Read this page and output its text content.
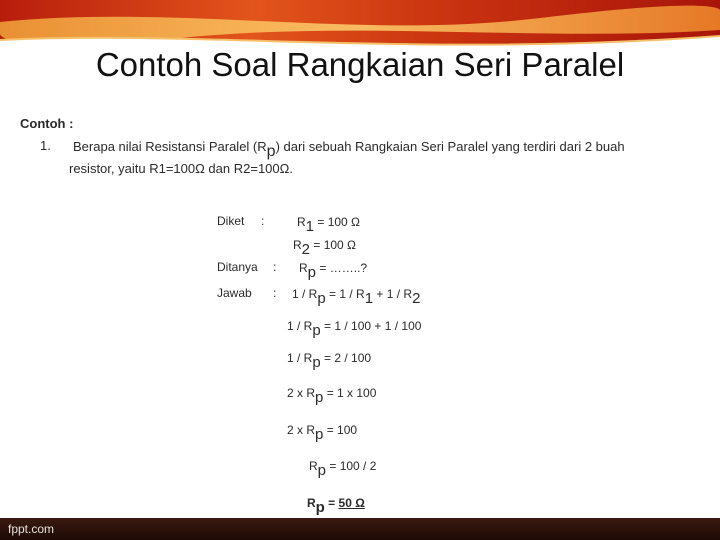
Contoh Soal Rangkaian Seri Paralel
Contoh :
1. Berapa nilai Resistansi Paralel (Rp) dari sebuah Rangkaian Seri Paralel yang terdiri dari 2 buah
resistor, yaitu R1=100Ω dan R2=100Ω.
Diket :	R1 = 100 Ω
R2 = 100 Ω
Ditanya : Rp = ……..?
Jawab : 1 / Rp = 1 / R1 + 1 / R2
1 / Rp = 1 / 100 + 1 / 100
1 / Rp = 2 / 100
2 x Rp = 1 x 100
2 x Rp = 100
Rp = 100 / 2
Rp = 50 Ω
fppt.com
